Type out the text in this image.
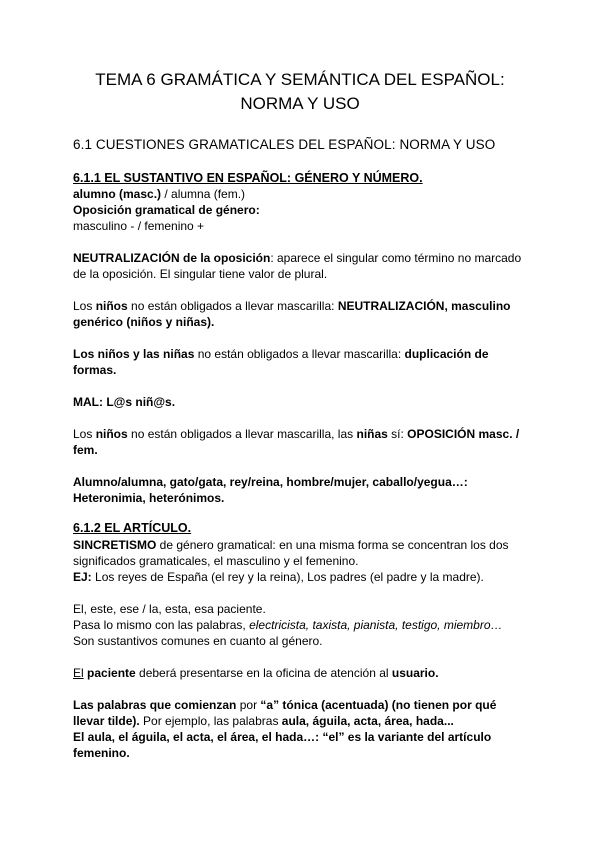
TEMA 6 GRAMÁTICA Y SEMÁNTICA DEL ESPAÑOL:
NORMA Y USO
6.1 CUESTIONES GRAMATICALES DEL ESPAÑOL: NORMA Y USO
6.1.1 EL SUSTANTIVO EN ESPAÑOL: GÉNERO Y NÚMERO.
alumno (masc.) / alumna (fem.)
Oposición gramatical de género:
masculino - / femenino +
NEUTRALIZACIÓN de la oposición: aparece el singular como término no marcado
de la oposición. El singular tiene valor de plural.
Los niños no están obligados a llevar mascarilla: NEUTRALIZACIÓN, masculino
genérico (niños y niñas).
Los niños y las niñas no están obligados a llevar mascarilla: duplicación de
formas.
MAL: L@s niñ@s.
Los niños no están obligados a llevar mascarilla, las niñas sí: OPOSICIÓN masc. /
fem.
Alumno/alumna, gato/gata, rey/reina, hombre/mujer, caballo/yegua…:
Heteronimia, heterónimos.
6.1.2 EL ARTÍCULO.
SINCRETISMO de género gramatical: en una misma forma se concentran los dos
significados gramaticales, el masculino y el femenino.
EJ: Los reyes de España (el rey y la reina), Los padres (el padre y la madre).
El, este, ese / la, esta, esa paciente.
Pasa lo mismo con las palabras, electricista, taxista, pianista, testigo, miembro…
Son sustantivos comunes en cuanto al género.
El paciente deberá presentarse en la oficina de atención al usuario.
Las palabras que comienzan por “a” tónica (acentuada) (no tienen por qué
llevar tilde). Por ejemplo, las palabras aula, águila, acta, área, hada...
El aula, el águila, el acta, el área, el hada…: “el” es la variante del artículo
femenino.
